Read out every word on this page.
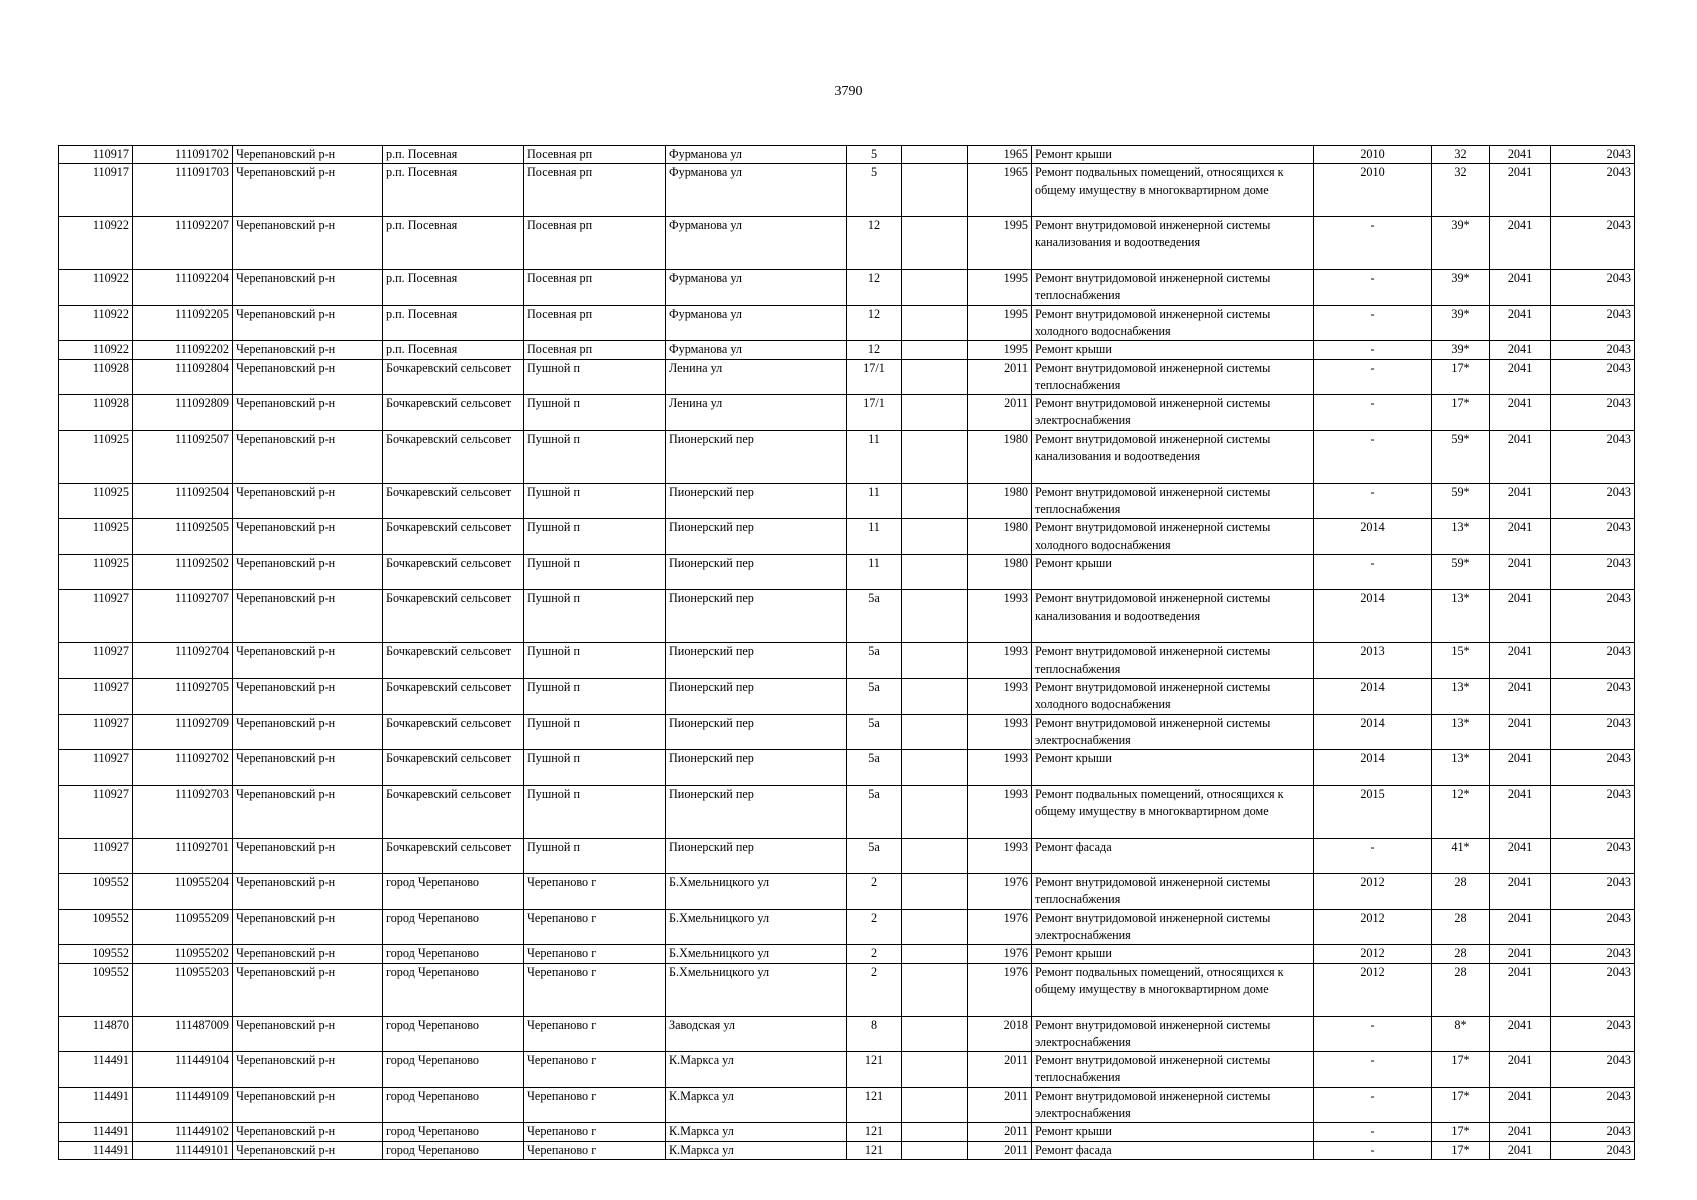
3790
110917	111091702	Черепановский р-н	р.п. Посевная	Посевная рп	Фурманова ул	5		1965	Ремонт крыши	2010	32	2041	2043
110917	111091703	Черепановский р-н	р.п. Посевная	Посевная рп	Фурманова ул	5		1965	Ремонт подвальных помещений, относящихся к общему имуществу в многоквартирном доме	2010	32	2041	2043
110922	111092207	Черепановский р-н	р.п. Посевная	Посевная рп	Фурманова ул	12		1995	Ремонт внутридомовой инженерной системы канализования и водоотведения	-	39*	2041	2043
110922	111092204	Черепановский р-н	р.п. Посевная	Посевная рп	Фурманова ул	12		1995	Ремонт внутридомовой инженерной системы теплоснабжения	-	39*	2041	2043
110922	111092205	Черепановский р-н	р.п. Посевная	Посевная рп	Фурманова ул	12		1995	Ремонт внутридомовой инженерной системы холодного водоснабжения	-	39*	2041	2043
110922	111092202	Черепановский р-н	р.п. Посевная	Посевная рп	Фурманова ул	12		1995	Ремонт крыши	-	39*	2041	2043
110928	111092804	Черепановский р-н	Бочкаревский сельсовет	Пушной п	Ленина ул	17/1		2011	Ремонт внутридомовой инженерной системы теплоснабжения	-	17*	2041	2043
110928	111092809	Черепановский р-н	Бочкаревский сельсовет	Пушной п	Ленина ул	17/1		2011	Ремонт внутридомовой инженерной системы электроснабжения	-	17*	2041	2043
110925	111092507	Черепановский р-н	Бочкаревский сельсовет	Пушной п	Пионерский пер	11		1980	Ремонт внутридомовой инженерной системы канализования и водоотведения	-	59*	2041	2043
110925	111092504	Черепановский р-н	Бочкаревский сельсовет	Пушной п	Пионерский пер	11		1980	Ремонт внутридомовой инженерной системы теплоснабжения	-	59*	2041	2043
110925	111092505	Черепановский р-н	Бочкаревский сельсовет	Пушной п	Пионерский пер	11		1980	Ремонт внутридомовой инженерной системы холодного водоснабжения	2014	13*	2041	2043
110925	111092502	Черепановский р-н	Бочкаревский сельсовет	Пушной п	Пионерский пер	11		1980	Ремонт крыши	-	59*	2041	2043
110927	111092707	Черепановский р-н	Бочкаревский сельсовет	Пушной п	Пионерский пер	5а		1993	Ремонт внутридомовой инженерной системы канализования и водоотведения	2014	13*	2041	2043
110927	111092704	Черепановский р-н	Бочкаревский сельсовет	Пушной п	Пионерский пер	5а		1993	Ремонт внутридомовой инженерной системы теплоснабжения	2013	15*	2041	2043
110927	111092705	Черепановский р-н	Бочкаревский сельсовет	Пушной п	Пионерский пер	5а		1993	Ремонт внутридомовой инженерной системы холодного водоснабжения	2014	13*	2041	2043
110927	111092709	Черепановский р-н	Бочкаревский сельсовет	Пушной п	Пионерский пер	5а		1993	Ремонт внутридомовой инженерной системы электроснабжения	2014	13*	2041	2043
110927	111092702	Черепановский р-н	Бочкаревский сельсовет	Пушной п	Пионерский пер	5а		1993	Ремонт крыши	2014	13*	2041	2043
110927	111092703	Черепановский р-н	Бочкаревский сельсовет	Пушной п	Пионерский пер	5а		1993	Ремонт подвальных помещений, относящихся к общему имуществу в многоквартирном доме	2015	12*	2041	2043
110927	111092701	Черепановский р-н	Бочкаревский сельсовет	Пушной п	Пионерский пер	5а		1993	Ремонт фасада	-	41*	2041	2043
109552	110955204	Черепановский р-н	город Черепаново	Черепаново г	Б.Хмельницкого ул	2		1976	Ремонт внутридомовой инженерной системы теплоснабжения	2012	28	2041	2043
109552	110955209	Черепановский р-н	город Черепаново	Черепаново г	Б.Хмельницкого ул	2		1976	Ремонт внутридомовой инженерной системы электроснабжения	2012	28	2041	2043
109552	110955202	Черепановский р-н	город Черепаново	Черепаново г	Б.Хмельницкого ул	2		1976	Ремонт крыши	2012	28	2041	2043
109552	110955203	Черепановский р-н	город Черепаново	Черепаново г	Б.Хмельницкого ул	2		1976	Ремонт подвальных помещений, относящихся к общему имуществу в многоквартирном доме	2012	28	2041	2043
114870	111487009	Черепановский р-н	город Черепаново	Черепаново г	Заводская ул	8		2018	Ремонт внутридомовой инженерной системы электроснабжения	-	8*	2041	2043
114491	111449104	Черепановский р-н	город Черепаново	Черепаново г	К.Маркса ул	121		2011	Ремонт внутридомовой инженерной системы теплоснабжения	-	17*	2041	2043
114491	111449109	Черепановский р-н	город Черепаново	Черепаново г	К.Маркса ул	121		2011	Ремонт внутридомовой инженерной системы электроснабжения	-	17*	2041	2043
114491	111449102	Черепановский р-н	город Черепаново	Черепаново г	К.Маркса ул	121		2011	Ремонт крыши	-	17*	2041	2043
114491	111449101	Черепановский р-н	город Черепаново	Черепаново г	К.Маркса ул	121		2011	Ремонт фасада	-	17*	2041	2043
